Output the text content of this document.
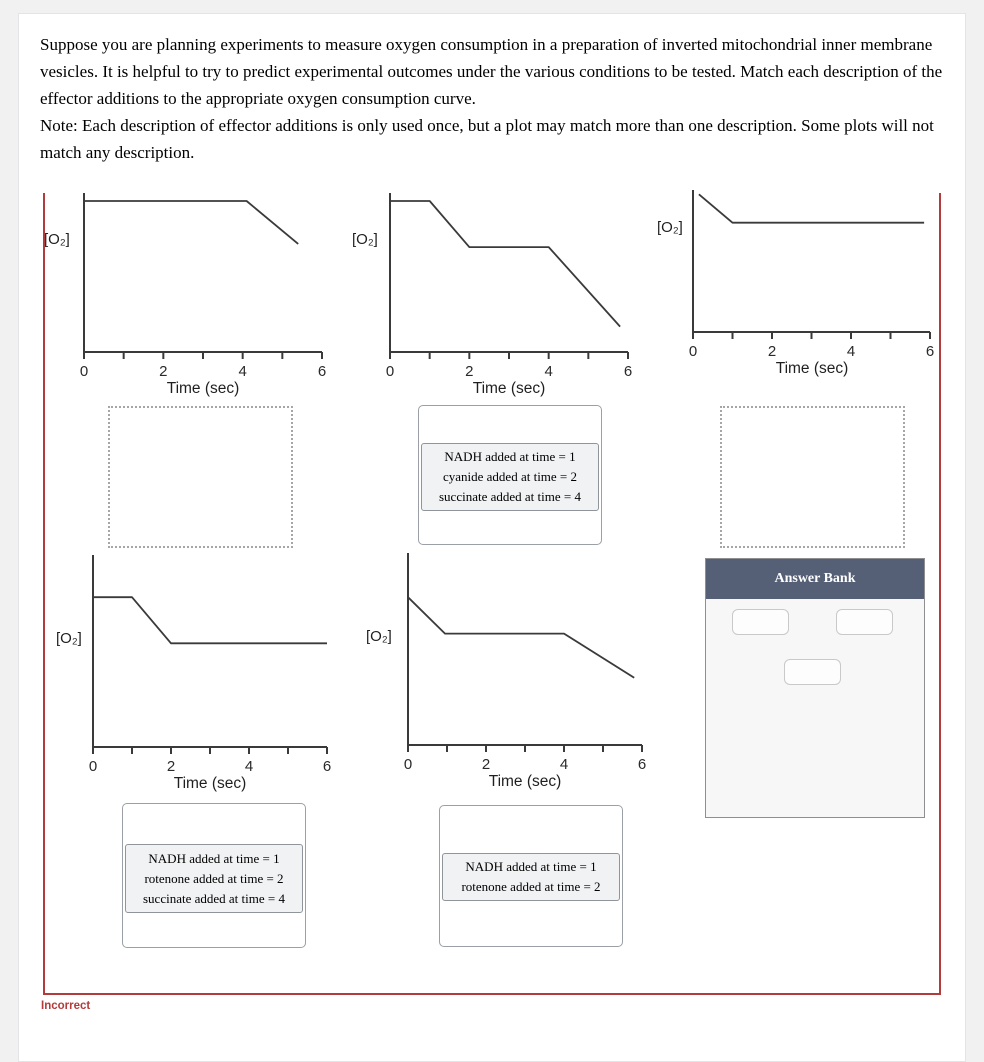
Suppose you are planning experiments to measure oxygen consumption in a preparation of inverted mitochondrial inner membrane vesicles. It is helpful to try to predict experimental outcomes under the various conditions to be tested. Match each description of the effector additions to the appropriate oxygen consumption curve.

Note: Each description of effector additions is only used once, but a plot may match more than one description. Some plots will not match any description.

0	2	4	6
[O₂]
Time (sec)
0	2	4	6
[O₂]
Time (sec)
0	2	4	6
[O₂]
Time (sec)
0	2	4	6
[O₂]
Time (sec)
0	2	4	6
[O₂]
Time (sec)
NADH added at time = 1
cyanide added at time = 2
succinate added at time = 4
NADH added at time = 1
rotenone added at time = 2
succinate added at time = 4
NADH added at time = 1
rotenone added at time = 2
Answer Bank
Incorrect
